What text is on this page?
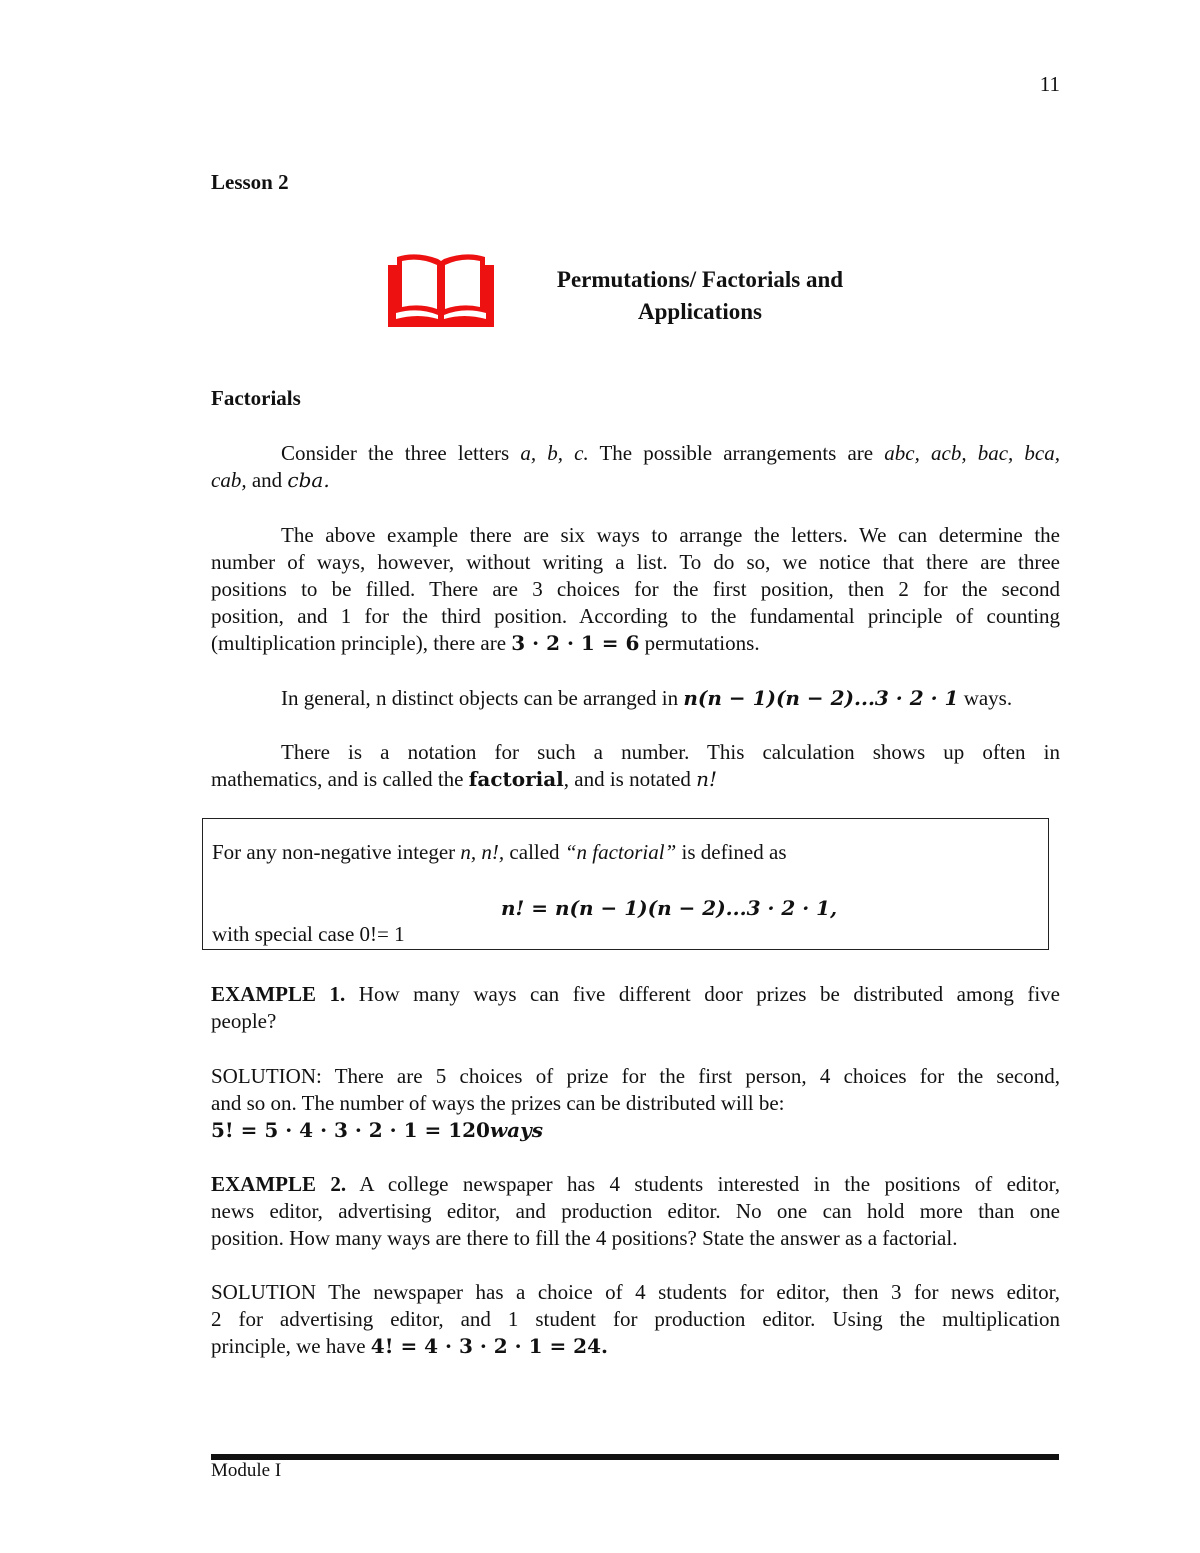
11
Lesson 2
Permutations/ Factorials and
Applications
Factorials
Consider the three letters a, b, c. The possible arrangements are abc, acb, bac, bca,
cab, and cba.
The above example there are six ways to arrange the letters. We can determine the
number of ways, however, without writing a list. To do so, we notice that there are three
positions to be filled. There are 3 choices for the first position, then 2 for the second
position, and 1 for the third position. According to the fundamental principle of counting
(multiplication principle), there are 3 · 2 · 1 = 6 permutations.
In general, n distinct objects can be arranged in n(n − 1)(n − 2)...3 · 2 · 1 ways.
There is a notation for such a number. This calculation shows up often in
mathematics, and is called the factorial, and is notated n!
For any non-negative integer n, n!, called “n factorial” is defined as
n! = n(n − 1)(n − 2)...3 · 2 · 1,
with special case 0!= 1
EXAMPLE 1. How many ways can five different door prizes be distributed among five
people?
SOLUTION: There are 5 choices of prize for the first person, 4 choices for the second,
and so on. The number of ways the prizes can be distributed will be:
5! = 5 · 4 · 3 · 2 · 1 = 120ways
EXAMPLE 2. A college newspaper has 4 students interested in the positions of editor,
news editor, advertising editor, and production editor. No one can hold more than one
position. How many ways are there to fill the 4 positions? State the answer as a factorial.
SOLUTION The newspaper has a choice of 4 students for editor, then 3 for news editor,
2 for advertising editor, and 1 student for production editor. Using the multiplication
principle, we have 4! = 4 · 3 · 2 · 1 = 24.
Module I
